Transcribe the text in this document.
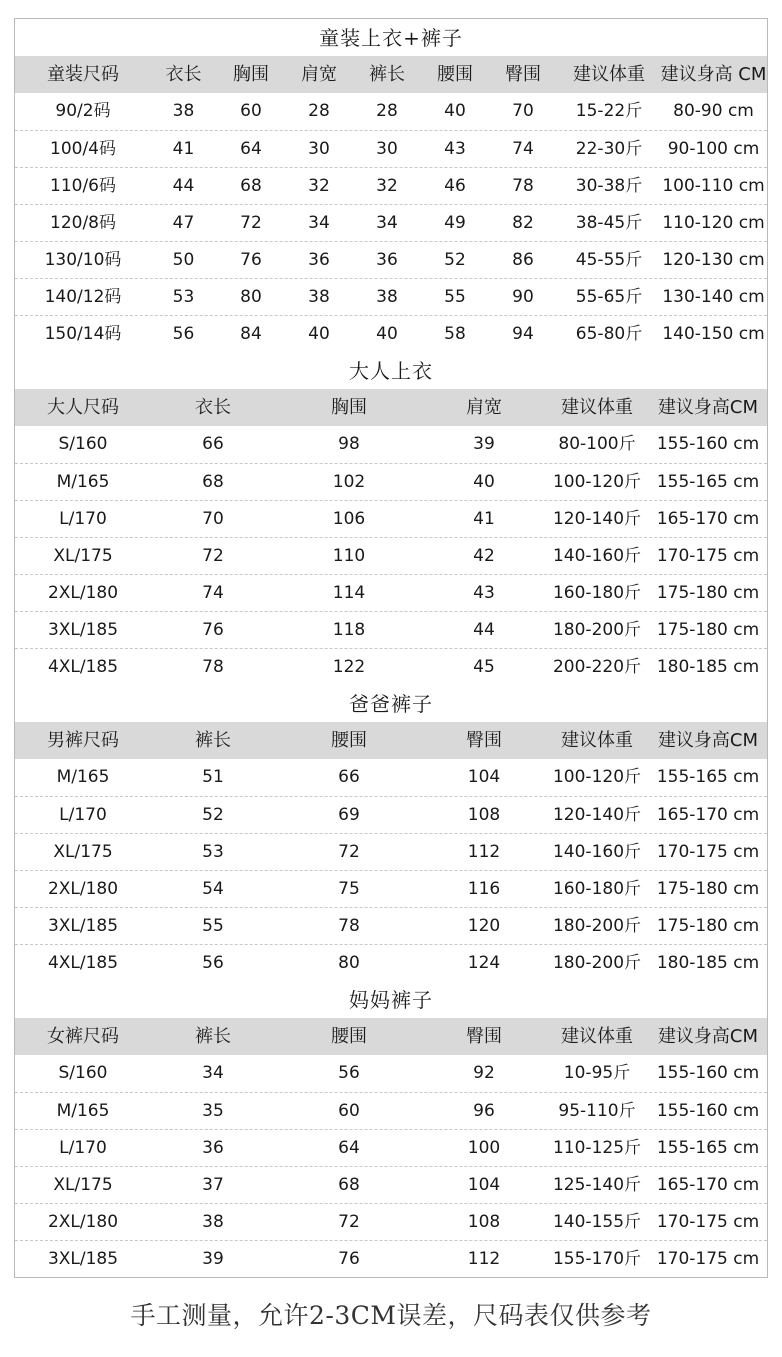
童装上衣+裤子
童装尺码	衣长	胸围	肩宽	裤长	腰围	臀围	建议体重 建议身高 CM
90/2码	38	60	28	28	40	70	15-22斤	80-90 cm
100/4码	41	64	30	30	43	74	22-30斤	90-100 cm
110/6码	44	68	32	32	46	78	30-38斤	100-110 cm
120/8码	47	72	34	34	49	82	38-45斤	110-120 cm
130/10码	50	76	36	36	52	86	45-55斤	120-130 cm
140/12码	53	80	38	38	55	90	55-65斤	130-140 cm
150/14码	56	84	40	40	58	94	65-80斤	140-150 cm
大人上衣
大人尺码	衣长	胸围	肩宽	建议体重	建议身高CM
S/160	66	98	39	80-100斤	155-160 cm
M/165	68	102	40	100-120斤 155-165 cm
L/170	70	106	41	120-140斤 165-170 cm
XL/175	72	110	42	140-160斤 170-175 cm
2XL/180	74	114	43	160-180斤 175-180 cm
3XL/185	76	118	44	180-200斤 175-180 cm
4XL/185	78	122	45	200-220斤 180-185 cm
爸爸裤子
男裤尺码	裤长	腰围	臀围	建议体重	建议身高CM
M/165	51	66	104	100-120斤 155-165 cm
L/170	52	69	108	120-140斤 165-170 cm
XL/175	53	72	112	140-160斤 170-175 cm
2XL/180	54	75	116	160-180斤 175-180 cm
3XL/185	55	78	120	180-200斤 175-180 cm
4XL/185	56	80	124	180-200斤 180-185 cm
妈妈裤子
女裤尺码	裤长	腰围	臀围	建议体重	建议身高CM
S/160	34	56	92	10-95斤	155-160 cm
M/165	35	60	96	95-110斤	155-160 cm
L/170	36	64	100	110-125斤 155-165 cm
XL/175	37	68	104	125-140斤 165-170 cm
2XL/180	38	72	108	140-155斤 170-175 cm
3XL/185	39	76	112	155-170斤 170-175 cm
手工测量，允许2-3CM误差，尺码表仅供参考
